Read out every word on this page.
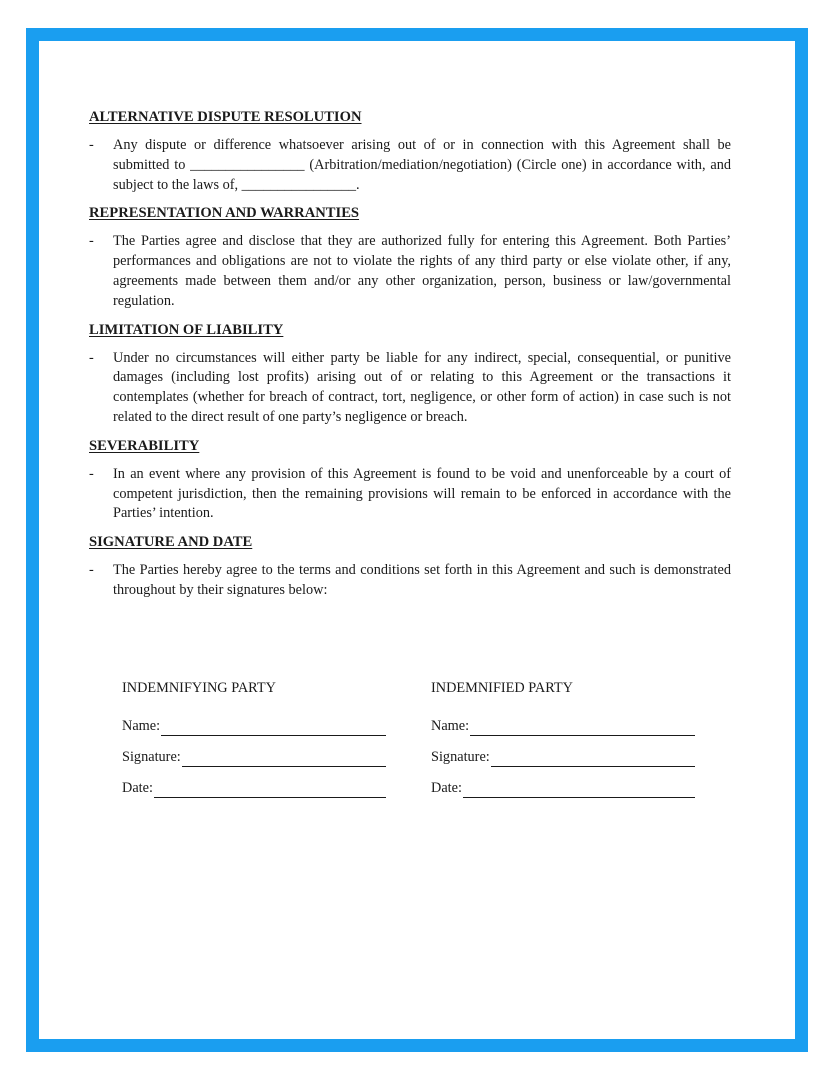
ALTERNATIVE DISPUTE RESOLUTION
- Any dispute or difference whatsoever arising out of or in connection with this Agreement shall be submitted to ________________ (Arbitration/mediation/negotiation) (Circle one) in accordance with, and subject to the laws of, ________________.
REPRESENTATION AND WARRANTIES
- The Parties agree and disclose that they are authorized fully for entering this Agreement. Both Parties’ performances and obligations are not to violate the rights of any third party or else violate other, if any, agreements made between them and/or any other organization, person, business or law/governmental regulation.
LIMITATION OF LIABILITY
- Under no circumstances will either party be liable for any indirect, special, consequential, or punitive damages (including lost profits) arising out of or relating to this Agreement or the transactions it contemplates (whether for breach of contract, tort, negligence, or other form of action) in case such is not related to the direct result of one party’s negligence or breach.
SEVERABILITY
- In an event where any provision of this Agreement is found to be void and unenforceable by a court of competent jurisdiction, then the remaining provisions will remain to be enforced in accordance with the Parties’ intention.
SIGNATURE AND DATE
- The Parties hereby agree to the terms and conditions set forth in this Agreement and such is demonstrated throughout by their signatures below:
INDEMNIFYING PARTY
Name:
Signature:
Date:
INDEMNIFIED PARTY
Name:
Signature:
Date:
